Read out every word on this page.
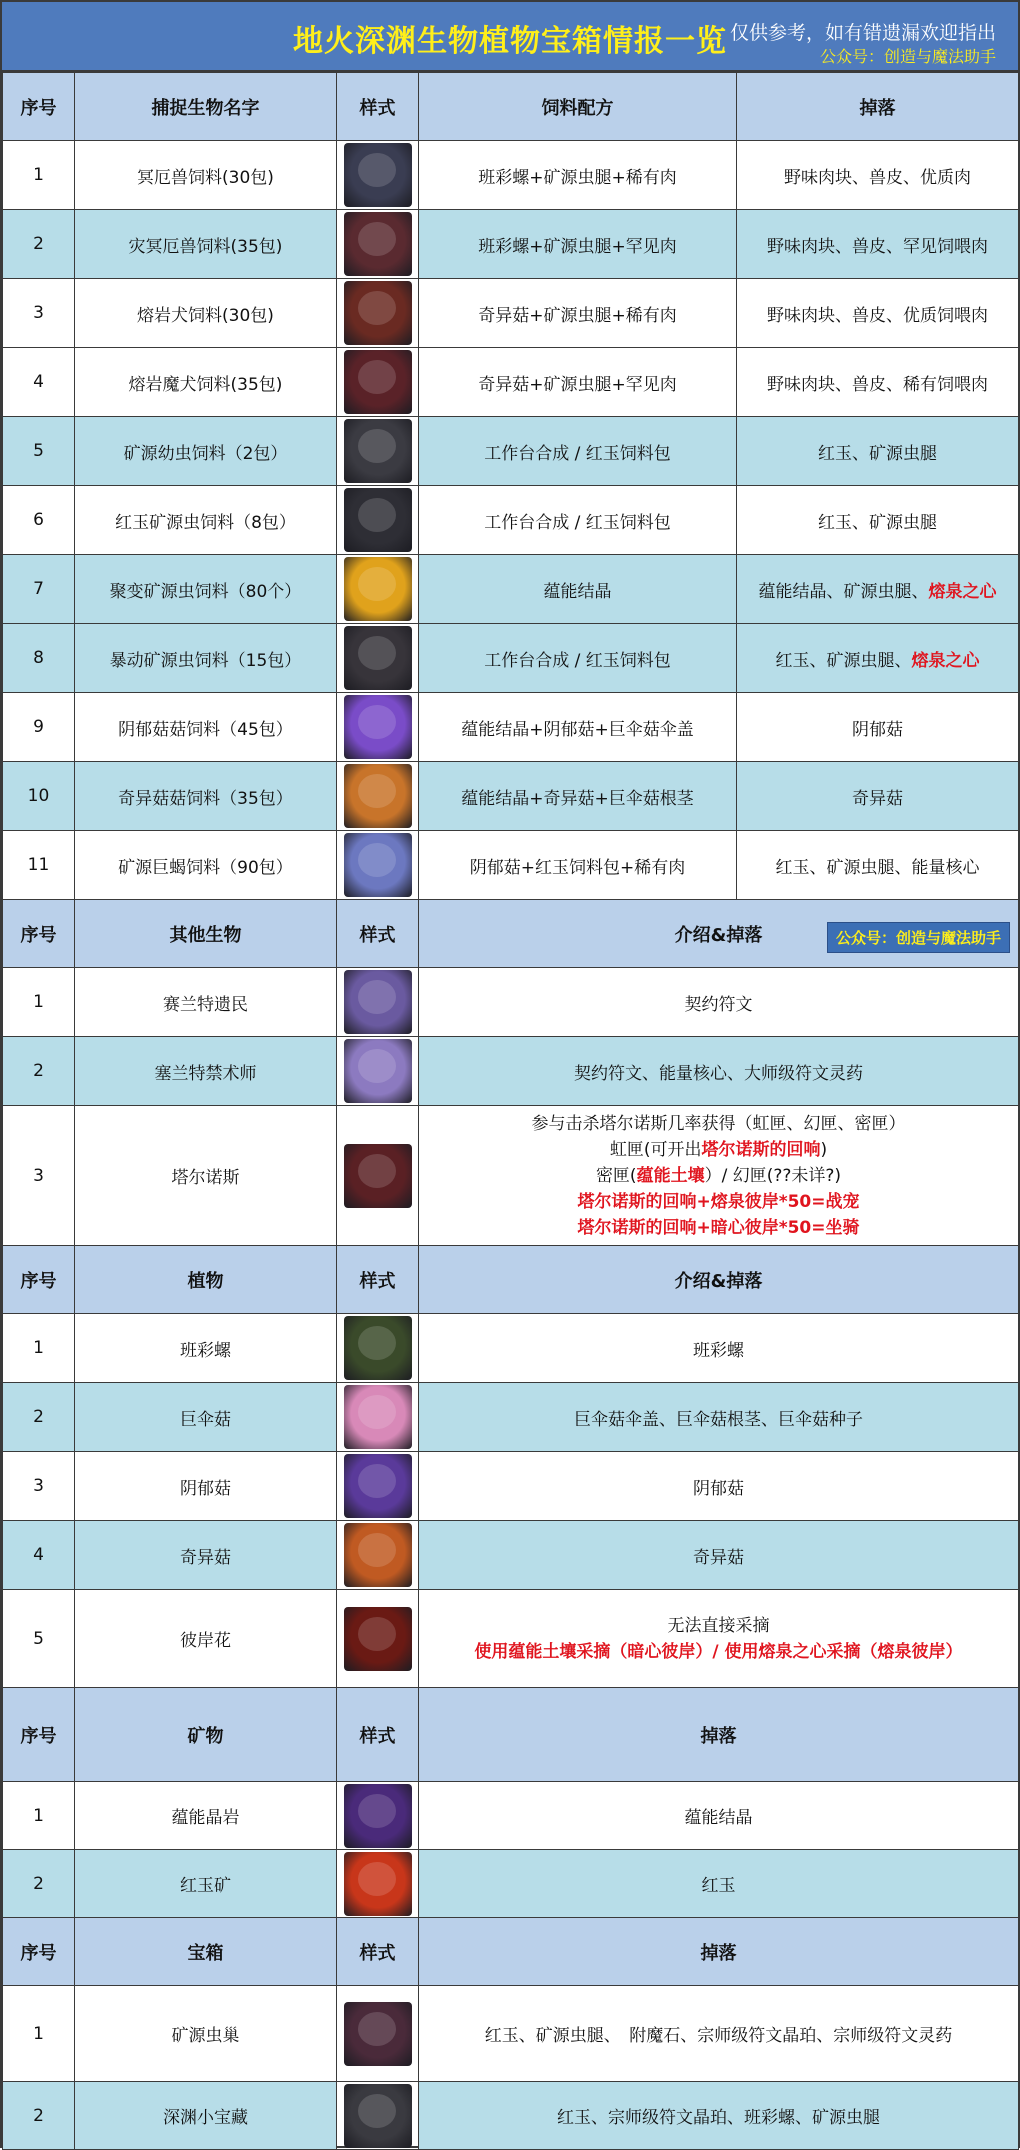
地火深渊生物植物宝箱情报一览 仅供参考，如有错遗漏欢迎指出
公众号：创造与魔法助手
序号	捕捉生物名字	样式	饲料配方	掉落
1	冥厄兽饲料(30包)		班彩螺+矿源虫腿+稀有肉	野味肉块、兽皮、优质肉
2	灾冥厄兽饲料(35包)		班彩螺+矿源虫腿+罕见肉	野味肉块、兽皮、罕见饲喂肉
3	熔岩犬饲料(30包)		奇异菇+矿源虫腿+稀有肉	野味肉块、兽皮、优质饲喂肉
4	熔岩魔犬饲料(35包)		奇异菇+矿源虫腿+罕见肉	野味肉块、兽皮、稀有饲喂肉
5	矿源幼虫饲料（2包）		工作台合成 / 红玉饲料包	红玉、矿源虫腿
6	红玉矿源虫饲料（8包）		工作台合成 / 红玉饲料包	红玉、矿源虫腿
7	聚变矿源虫饲料（80个）		蕴能结晶	蕴能结晶、矿源虫腿、熔泉之心
8	暴动矿源虫饲料（15包）		工作台合成 / 红玉饲料包	红玉、矿源虫腿、熔泉之心
9	阴郁菇菇饲料（45包）		蕴能结晶+阴郁菇+巨伞菇伞盖	阴郁菇
10	奇异菇菇饲料（35包）		蕴能结晶+奇异菇+巨伞菇根茎	奇异菇
11	矿源巨蝎饲料（90包）		阴郁菇+红玉饲料包+稀有肉	红玉、矿源虫腿、能量核心
序号	其他生物	样式	介绍&掉落 公众号：创造与魔法助手	

1	赛兰特遗民		契约符文	
2	塞兰特禁术师		契约符文、能量核心、大师级符文灵药	
3	塔尔诺斯		参与击杀塔尔诺斯几率获得（虹匣、幻匣、密匣）
虹匣(可开出塔尔诺斯的回响)
密匣(蕴能土壤）/ 幻匣(??未详?)
塔尔诺斯的回响+熔泉彼岸*50=战宠
塔尔诺斯的回响+暗心彼岸*50=坐骑	

序号	植物	样式	介绍&掉落	
1	班彩螺		班彩螺	
2	巨伞菇		巨伞菇伞盖、巨伞菇根茎、巨伞菇种子	
3	阴郁菇		阴郁菇	
4	奇异菇		奇异菇	
5	彼岸花		无法直接采摘
使用蕴能土壤采摘（暗心彼岸）/ 使用熔泉之心采摘（熔泉彼岸）	

序号	矿物	样式	掉落	
1	蕴能晶岩		蕴能结晶	
2	红玉矿		红玉	
序号	宝箱	样式	掉落	
1	矿源虫巢		红玉、矿源虫腿、　附魔石、宗师级符文晶珀、宗师级符文灵药	
2	深渊小宝藏		红玉、宗师级符文晶珀、班彩螺、矿源虫腿	
